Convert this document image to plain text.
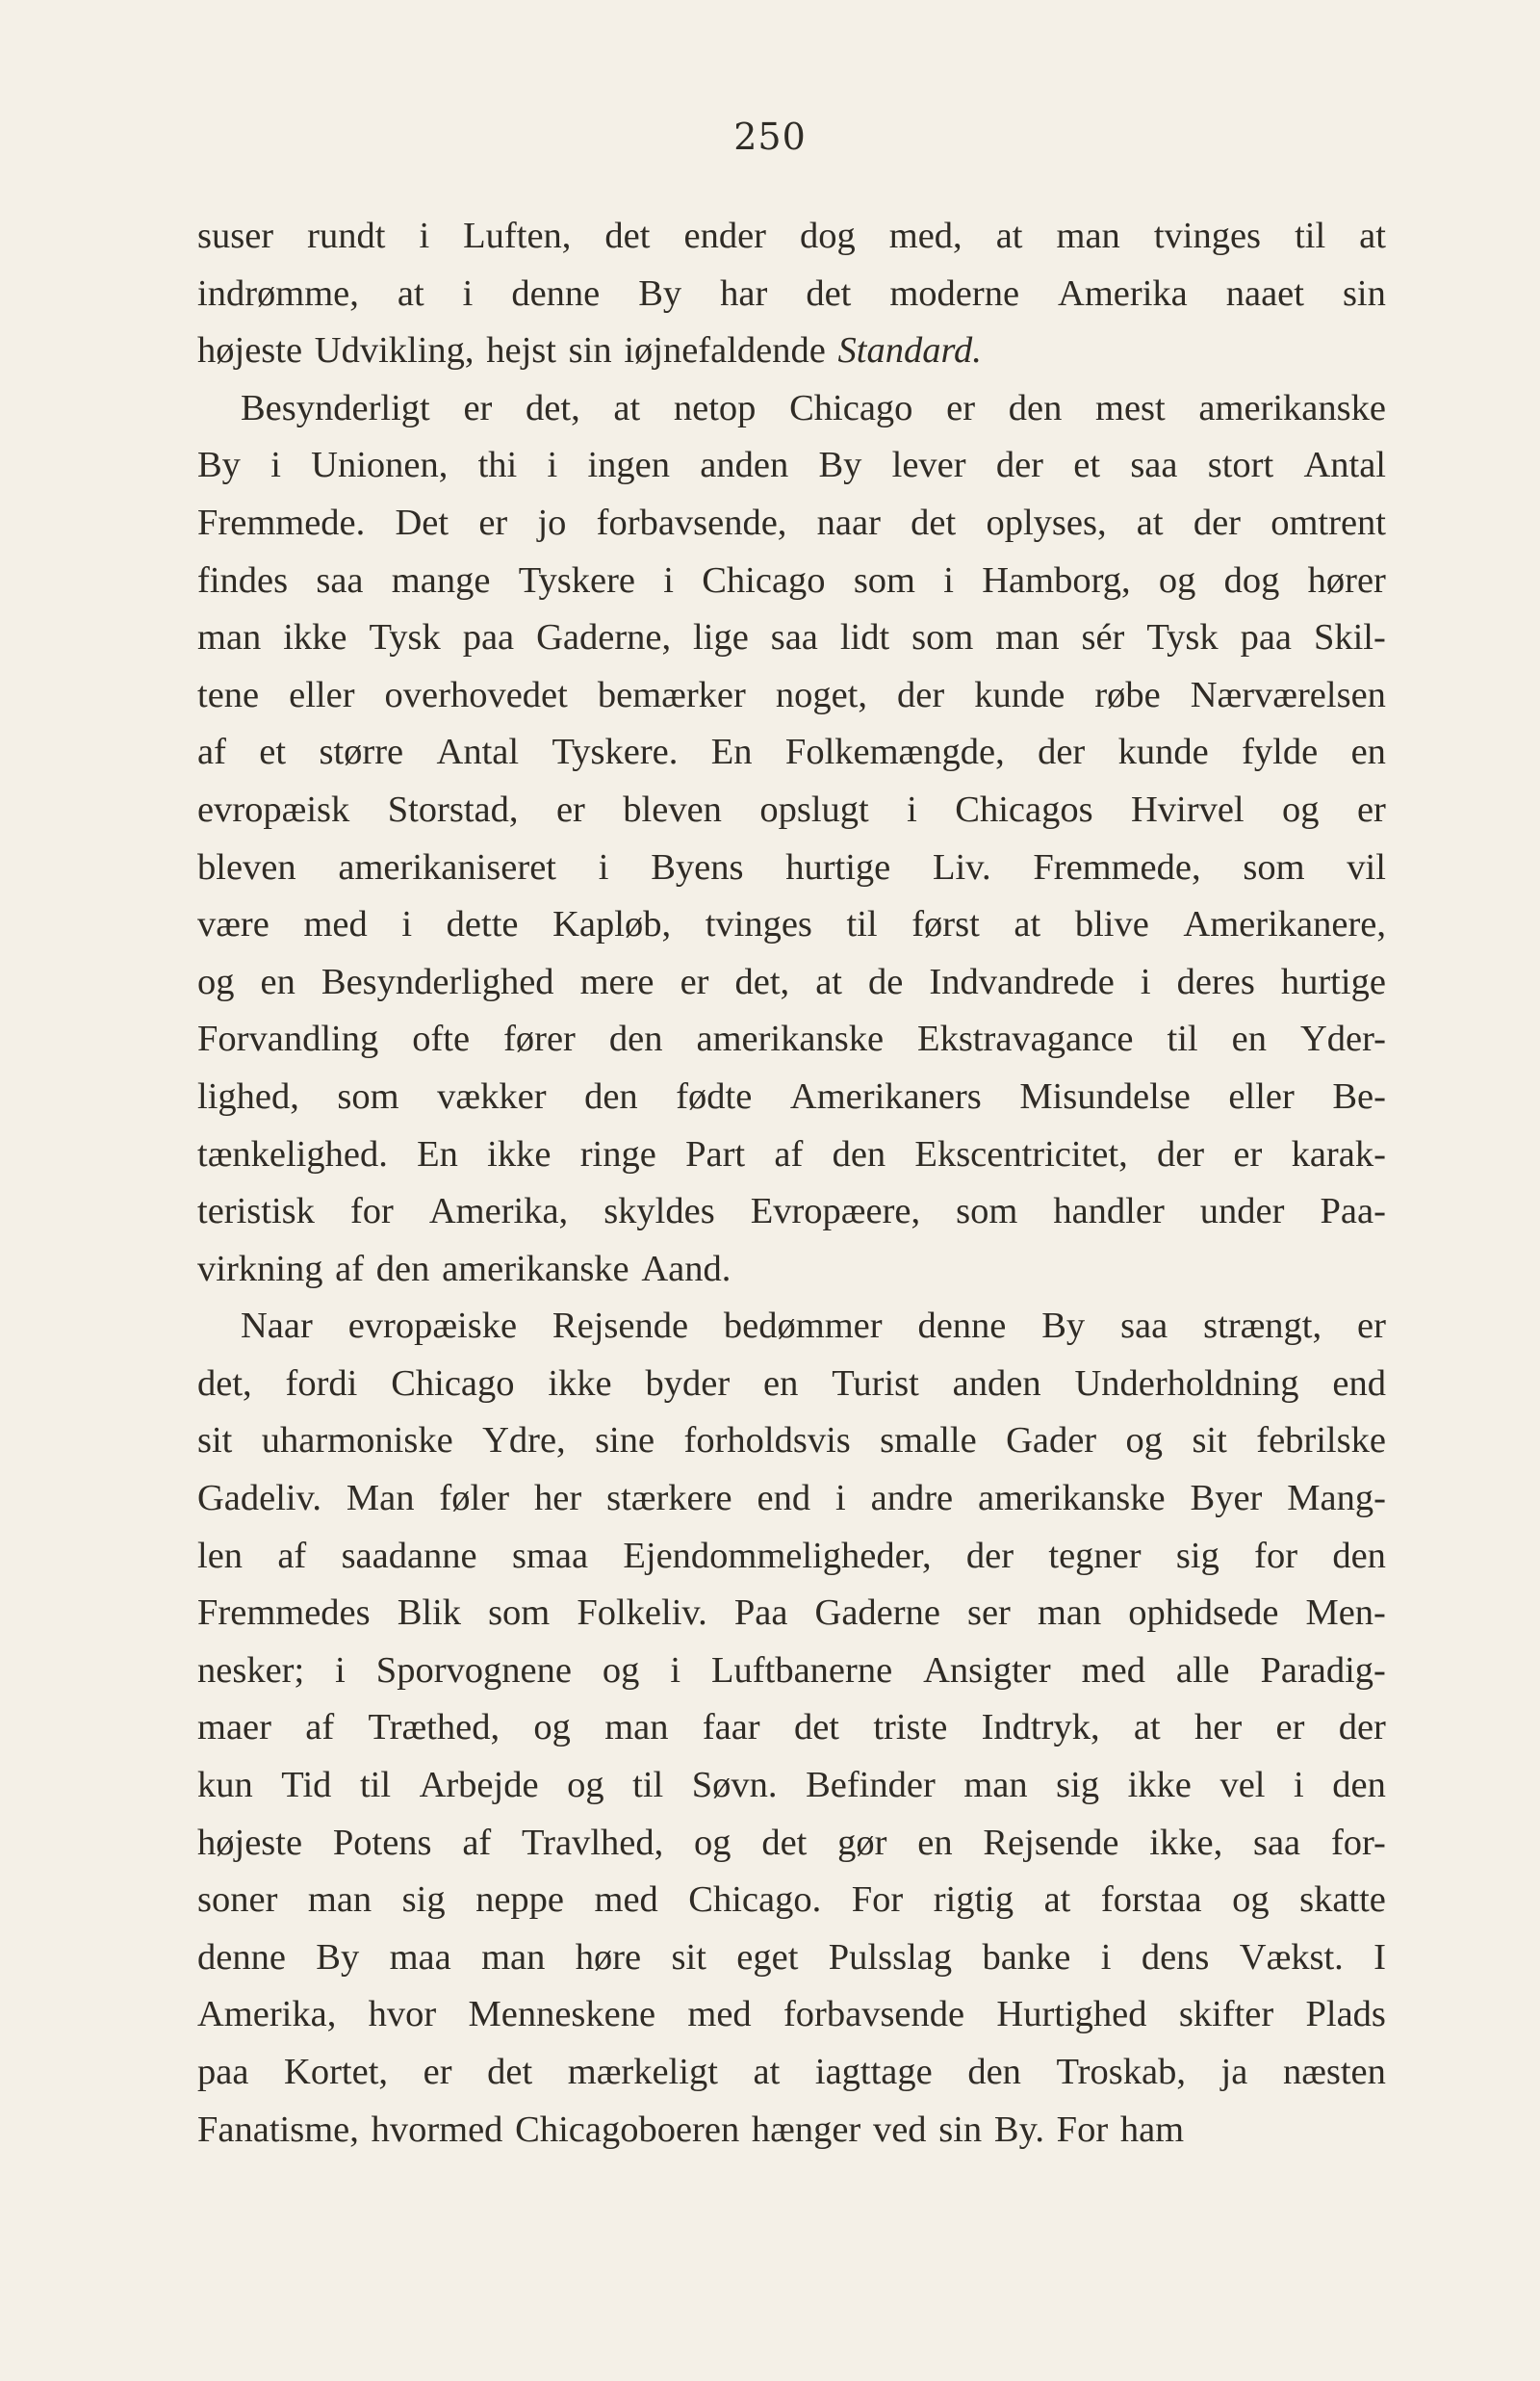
250
suser rundt i Luften, det ender dog med, at man tvinges til at
indrømme, at i denne By har det moderne Amerika naaet sin
højeste Udvikling, hejst sin iøjnefaldende Standard.
Besynderligt er det, at netop Chicago er den mest amerikanske
By i Unionen, thi i ingen anden By lever der et saa stort Antal
Fremmede. Det er jo forbavsende, naar det oplyses, at der omtrent
findes saa mange Tyskere i Chicago som i Hamborg, og dog hører
man ikke Tysk paa Gaderne, lige saa lidt som man sér Tysk paa Skil-
tene eller overhovedet bemærker noget, der kunde røbe Nærværelsen
af et større Antal Tyskere. En Folkemængde, der kunde fylde en
evropæisk Storstad, er bleven opslugt i Chicagos Hvirvel og er
bleven amerikaniseret i Byens hurtige Liv. Fremmede, som vil
være med i dette Kapløb, tvinges til først at blive Amerikanere,
og en Besynderlighed mere er det, at de Indvandrede i deres hurtige
Forvandling ofte fører den amerikanske Ekstravagance til en Yder-
lighed, som vækker den fødte Amerikaners Misundelse eller Be-
tænkelighed. En ikke ringe Part af den Ekscentricitet, der er karak-
teristisk for Amerika, skyldes Evropæere, som handler under Paa-
virkning af den amerikanske Aand.
Naar evropæiske Rejsende bedømmer denne By saa strængt, er
det, fordi Chicago ikke byder en Turist anden Underholdning end
sit uharmoniske Ydre, sine forholdsvis smalle Gader og sit febrilske
Gadeliv. Man føler her stærkere end i andre amerikanske Byer Mang-
len af saadanne smaa Ejendommeligheder, der tegner sig for den
Fremmedes Blik som Folkeliv. Paa Gaderne ser man ophidsede Men-
nesker; i Sporvognene og i Luftbanerne Ansigter med alle Paradig-
maer af Træthed, og man faar det triste Indtryk, at her er der
kun Tid til Arbejde og til Søvn. Befinder man sig ikke vel i den
højeste Potens af Travlhed, og det gør en Rejsende ikke, saa for-
soner man sig neppe med Chicago. For rigtig at forstaa og skatte
denne By maa man høre sit eget Pulsslag banke i dens Vækst. I
Amerika, hvor Menneskene med forbavsende Hurtighed skifter Plads
paa Kortet, er det mærkeligt at iagttage den Troskab, ja næsten
Fanatisme, hvormed Chicagoboeren hænger ved sin By. For ham
